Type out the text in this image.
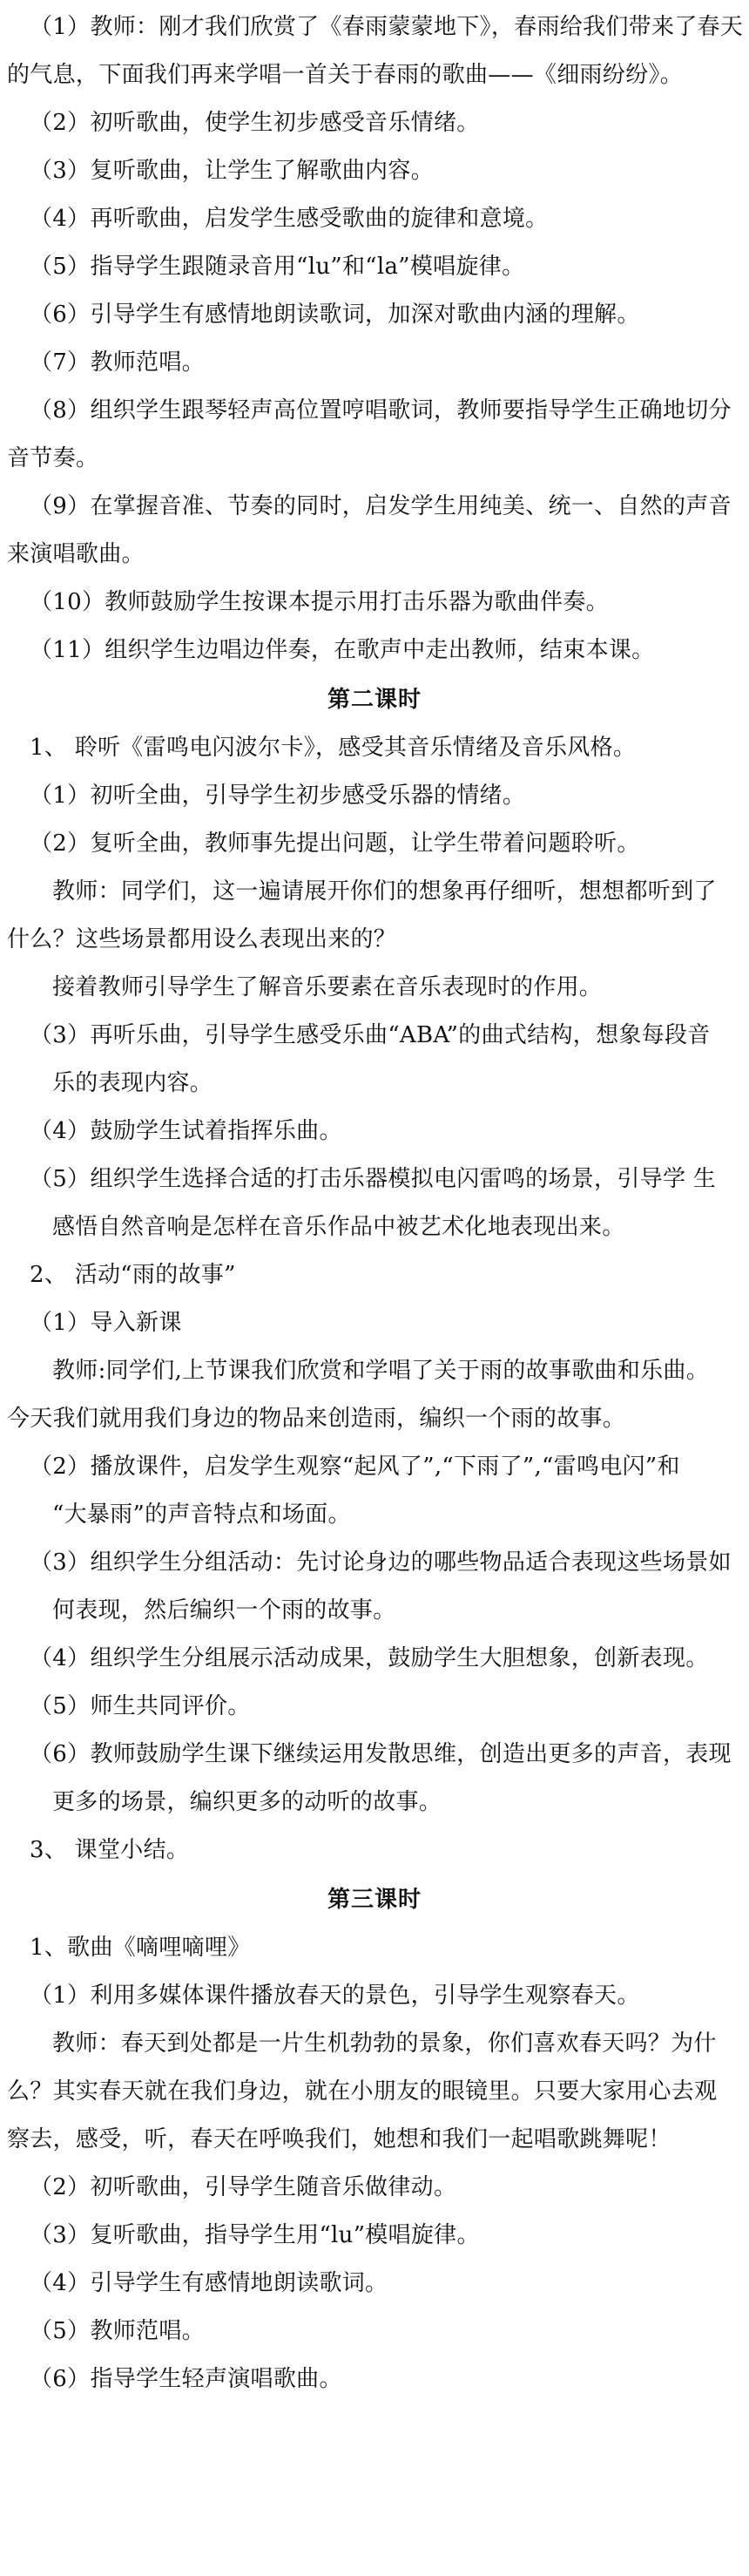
（1）教师：刚才我们欣赏了《春雨蒙蒙地下》，春雨给我们带来了春天
的气息，下面我们再来学唱一首关于春雨的歌曲——《细雨纷纷》。
（2）初听歌曲，使学生初步感受音乐情绪。
（3）复听歌曲，让学生了解歌曲内容。
（4）再听歌曲，启发学生感受歌曲的旋律和意境。
（5）指导学生跟随录音用“lu”和“la”模唱旋律。
（6）引导学生有感情地朗读歌词，加深对歌曲内涵的理解。
（7）教师范唱。
（8）组织学生跟琴轻声高位置哼唱歌词，教师要指导学生正确地切分
音节奏。
（9）在掌握音准、节奏的同时，启发学生用纯美、统一、自然的声音
来演唱歌曲。
（10）教师鼓励学生按课本提示用打击乐器为歌曲伴奏。
（11）组织学生边唱边伴奏，在歌声中走出教师，结束本课。
第二课时
1、 聆听《雷鸣电闪波尔卡》，感受其音乐情绪及音乐风格。
（1）初听全曲，引导学生初步感受乐器的情绪。
（2）复听全曲，教师事先提出问题，让学生带着问题聆听。
教师：同学们，这一遍请展开你们的想象再仔细听，想想都听到了
什么？这些场景都用设么表现出来的？
接着教师引导学生了解音乐要素在音乐表现时的作用。
（3）再听乐曲，引导学生感受乐曲“ABA”的曲式结构，想象每段音
乐的表现内容。
（4）鼓励学生试着指挥乐曲。
（5）组织学生选择合适的打击乐器模拟电闪雷鸣的场景，引导学 生
感悟自然音响是怎样在音乐作品中被艺术化地表现出来。
2、 活动“雨的故事”
（1）导入新课
教师:同学们,上节课我们欣赏和学唱了关于雨的故事歌曲和乐曲。
今天我们就用我们身边的物品来创造雨，编织一个雨的故事。
（2）播放课件，启发学生观察“起风了”,“下雨了”,“雷鸣电闪”和
“大暴雨”的声音特点和场面。
（3）组织学生分组活动：先讨论身边的哪些物品适合表现这些场景如
何表现，然后编织一个雨的故事。
（4）组织学生分组展示活动成果，鼓励学生大胆想象，创新表现。
（5）师生共同评价。
（6）教师鼓励学生课下继续运用发散思维，创造出更多的声音，表现
更多的场景，编织更多的动听的故事。
3、 课堂小结。
第三课时
1、歌曲《嘀哩嘀哩》
（1）利用多媒体课件播放春天的景色，引导学生观察春天。
教师：春天到处都是一片生机勃勃的景象，你们喜欢春天吗？为什
么？其实春天就在我们身边，就在小朋友的眼镜里。只要大家用心去观
察去，感受，听，春天在呼唤我们，她想和我们一起唱歌跳舞呢！
（2）初听歌曲，引导学生随音乐做律动。
（3）复听歌曲，指导学生用“lu”模唱旋律。
（4）引导学生有感情地朗读歌词。
（5）教师范唱。
（6）指导学生轻声演唱歌曲。
